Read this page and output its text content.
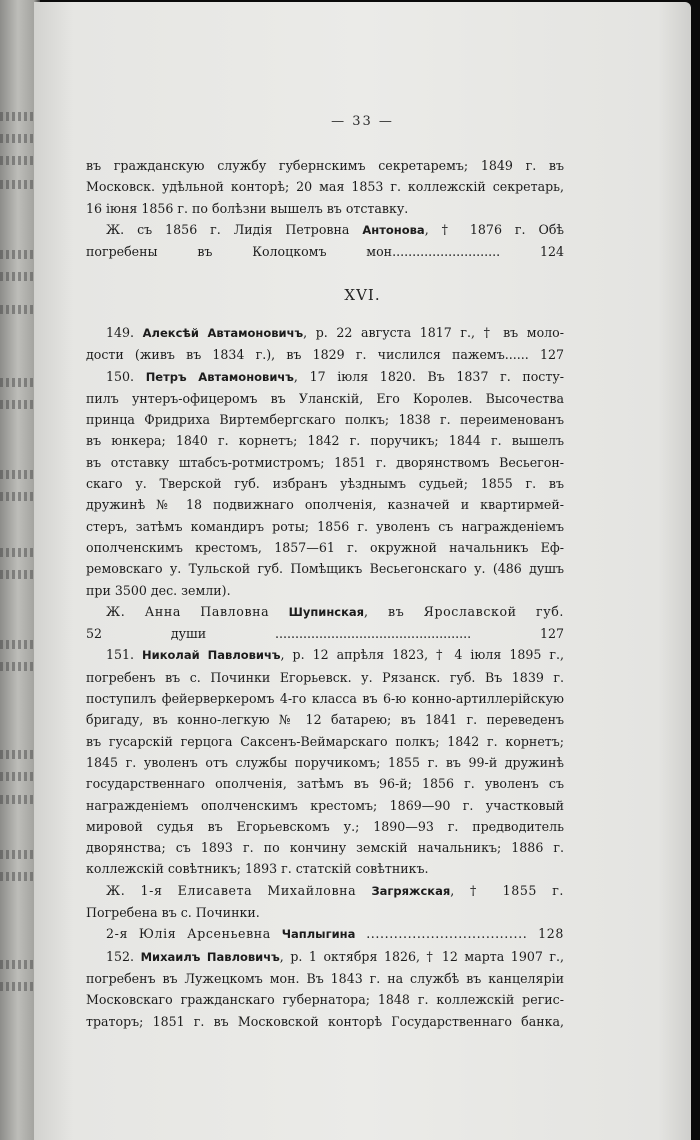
— 33 —
въ гражданскую службу губернскимъ секретаремъ; 1849 г. въ
Московск. удѣльной конторѣ; 20 мая 1853 г. коллежскій секретарь,
16 іюня 1856 г. по болѣзни вышелъ въ отставку.
Ж. съ 1856 г. Лидія Петровна Антонова, † 1876 г. Обѣ
погребены въ Колоцкомъ мон...........................	124
XVI.
149. Алексѣй Автамоновичъ, р. 22 августа 1817 г., † въ моло-
дости (живъ въ 1834 г.), въ 1829 г. числился пажемъ...... 127
150. Петръ Автамоновичъ, 17 іюля 1820. Въ 1837 г. посту-
пилъ унтеръ-офицеромъ въ Уланскій, Его Королев. Высочества
принца Фридриха Виртембергскаго полкъ; 1838 г. переименованъ
въ юнкера; 1840 г. корнетъ; 1842 г. поручикъ; 1844 г. вышелъ
въ отставку штабсъ-ротмистромъ; 1851 г. дворянствомъ Весьегон-
скаго у. Тверской губ. избранъ уѣзднымъ судьей; 1855 г. въ
дружинѣ № 18 подвижнаго ополченія, казначей и квартирмей-
стеръ, затѣмъ командиръ роты; 1856 г. уволенъ съ награжденіемъ
ополченскимъ крестомъ, 1857—61 г. окружной начальникъ Еф-
ремовскаго у. Тульской губ. Помѣщикъ Весьегонскаго у. (486 душъ
при 3500 дес. земли).
Ж. Анна Павловна Шупинская, въ Ярославской губ.
52 души	.................................................	127
151. Николай Павловичъ, р. 12 апрѣля 1823, † 4 іюля 1895 г.,
погребенъ въ с. Починки Егорьевск. у. Рязанск. губ. Въ 1839 г.
поступилъ фейерверкеромъ 4-го класса въ 6-ю конно-артиллерійскую
бригаду, въ конно-легкую № 12 батарею; въ 1841 г. переведенъ
въ гусарскій герцога Саксенъ-Веймарскаго полкъ; 1842 г. корнетъ;
1845 г. уволенъ отъ службы поручикомъ; 1855 г. въ 99-й дружинѣ
государственнаго ополченія, затѣмъ въ 96-й; 1856 г. уволенъ съ
награжденіемъ ополченскимъ крестомъ; 1869—90 г. участковый
мировой судья въ Егорьевскомъ у.; 1890—93 г. предводитель
дворянства; съ 1893 г. по кончину земскій начальникъ; 1886 г.
коллежскій совѣтникъ; 1893 г. статскій совѣтникъ.
Ж. 1-я Елисавета Михайловна Загряжская, † 1855 г.
Погребена въ с. Починки.
2-я Юлія Арсеньевна Чаплыгина ................................... 128
152. Михаилъ Павловичъ, р. 1 октября 1826, † 12 марта 1907 г.,
погребенъ въ Лужецкомъ мон. Въ 1843 г. на службѣ въ канцеляріи
Московскаго гражданскаго губернатора; 1848 г. коллежскій регис-
траторъ; 1851 г. въ Московской конторѣ Государственнаго банка,
